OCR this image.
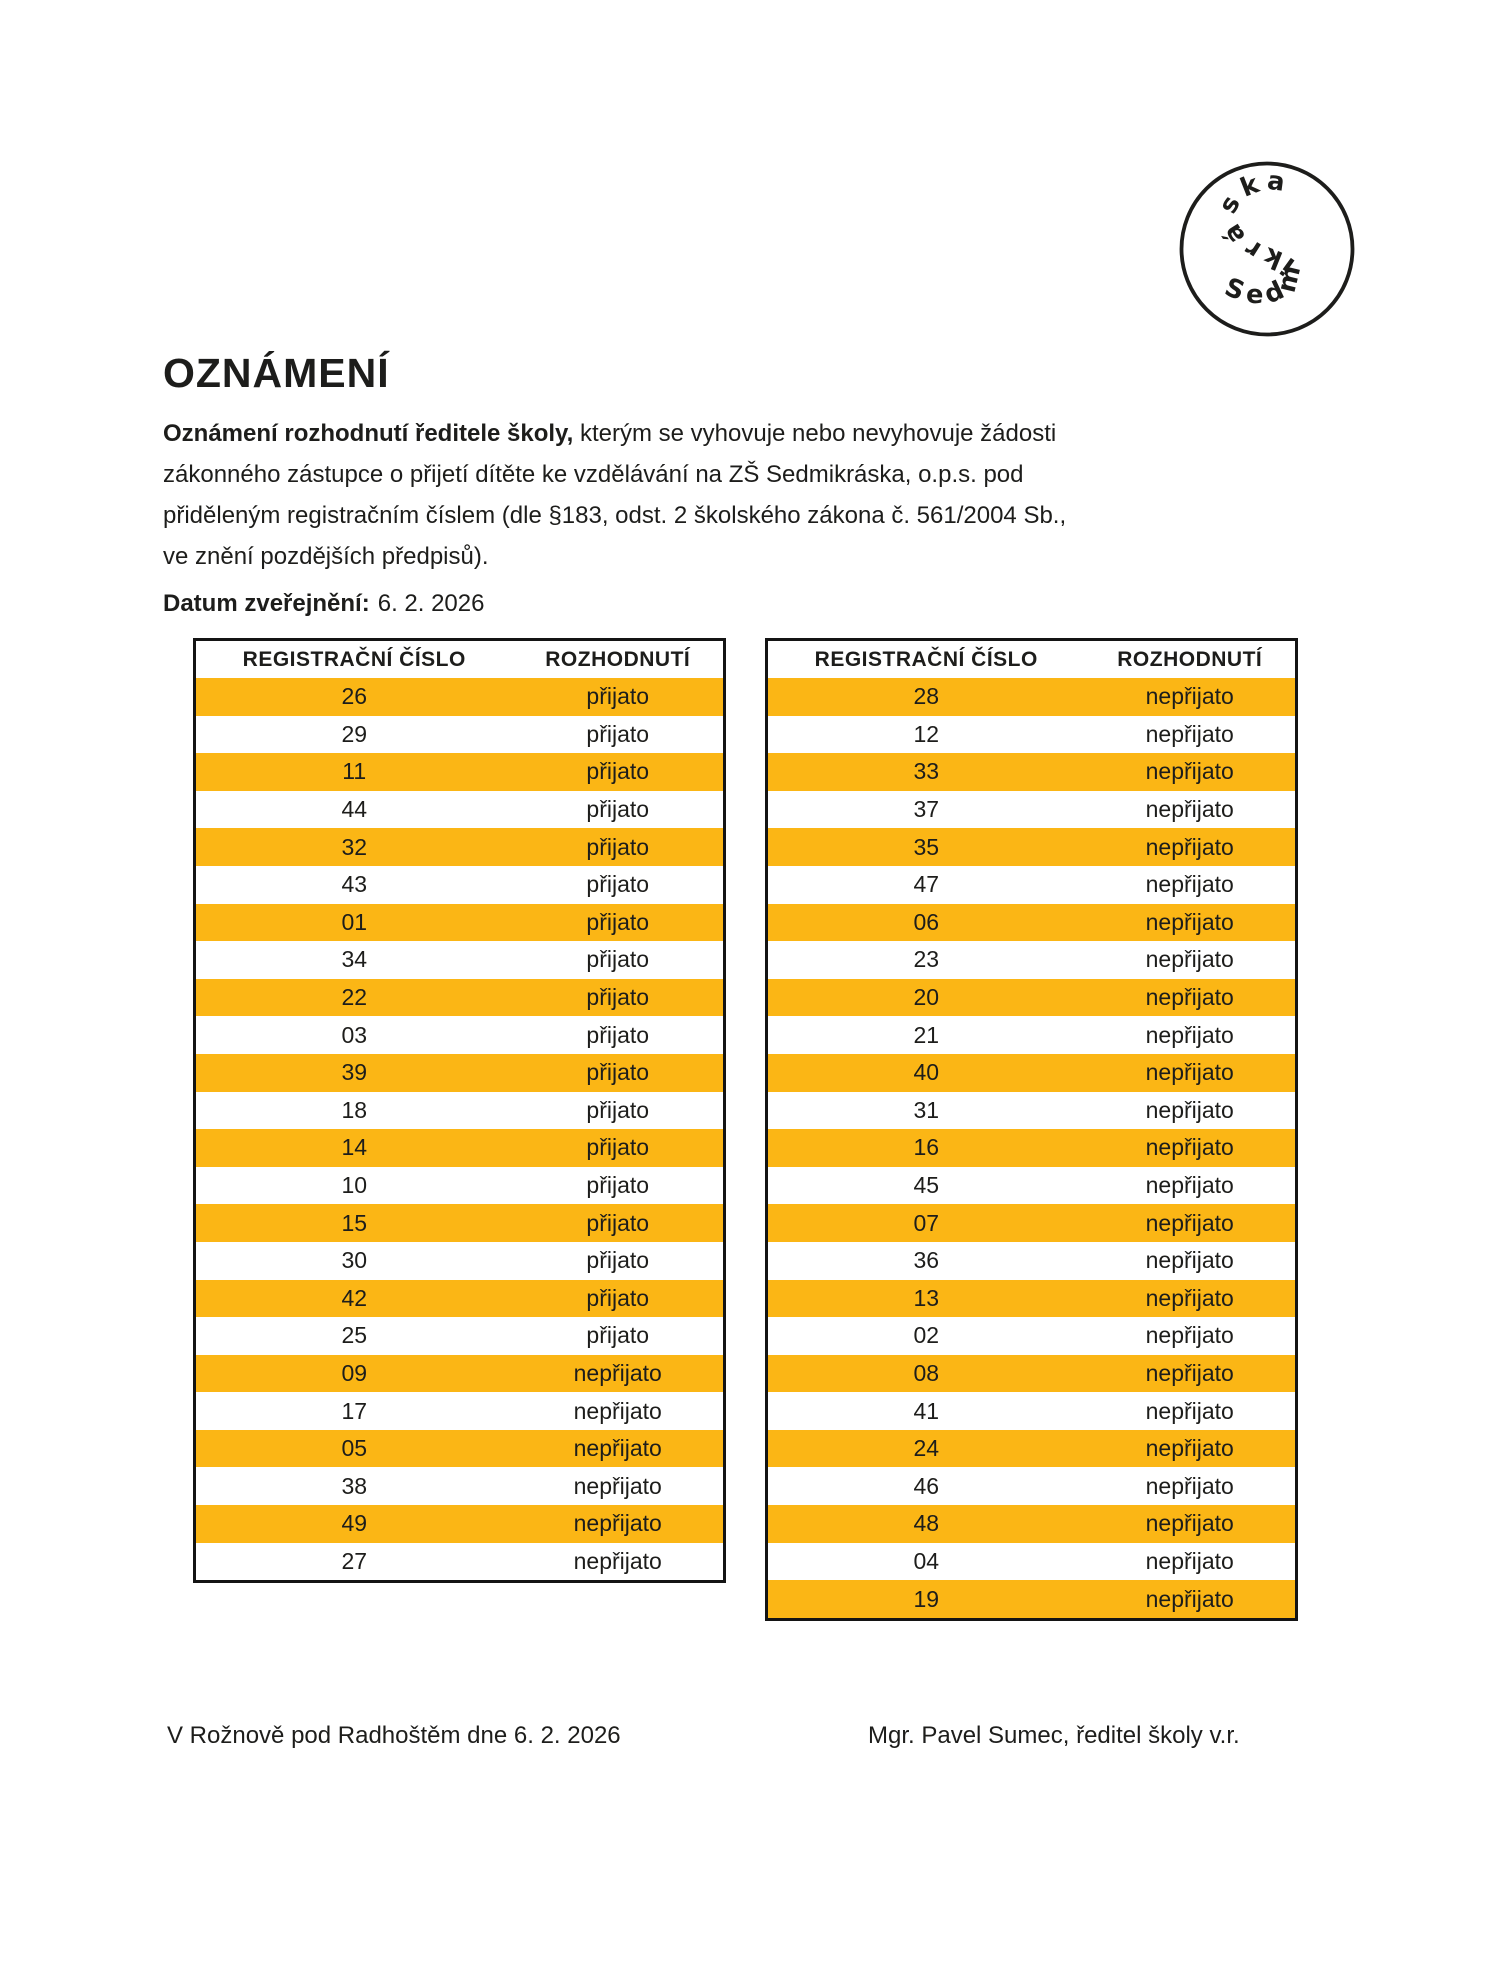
Sedmikráska
OZNÁMENÍ
Oznámení rozhodnutí ředitele školy, kterým se vyhovuje nebo nevyhovuje žádosti
zákonného zástupce o přijetí dítěte ke vzdělávání na ZŠ Sedmikráska, o.p.s. pod
přiděleným registračním číslem (dle §183, odst. 2 školského zákona č. 561/2004 Sb.,
ve znění pozdějších předpisů).
Datum zveřejnění: 6. 2. 2026
REGISTRAČNÍ ČÍSLO	ROZHODNUTÍ
26	přijato
29	přijato
11	přijato
44	přijato
32	přijato
43	přijato
01	přijato
34	přijato
22	přijato
03	přijato
39	přijato
18	přijato
14	přijato
10	přijato
15	přijato
30	přijato
42	přijato
25	přijato
09	nepřijato
17	nepřijato
05	nepřijato
38	nepřijato
49	nepřijato
27	nepřijato
REGISTRAČNÍ ČÍSLO	ROZHODNUTÍ
28	nepřijato
12	nepřijato
33	nepřijato
37	nepřijato
35	nepřijato
47	nepřijato
06	nepřijato
23	nepřijato
20	nepřijato
21	nepřijato
40	nepřijato
31	nepřijato
16	nepřijato
45	nepřijato
07	nepřijato
36	nepřijato
13	nepřijato
02	nepřijato
08	nepřijato
41	nepřijato
24	nepřijato
46	nepřijato
48	nepřijato
04	nepřijato
19	nepřijato
V Rožnově pod Radhoštěm dne 6. 2. 2026	Mgr. Pavel Sumec, ředitel školy v.r.
